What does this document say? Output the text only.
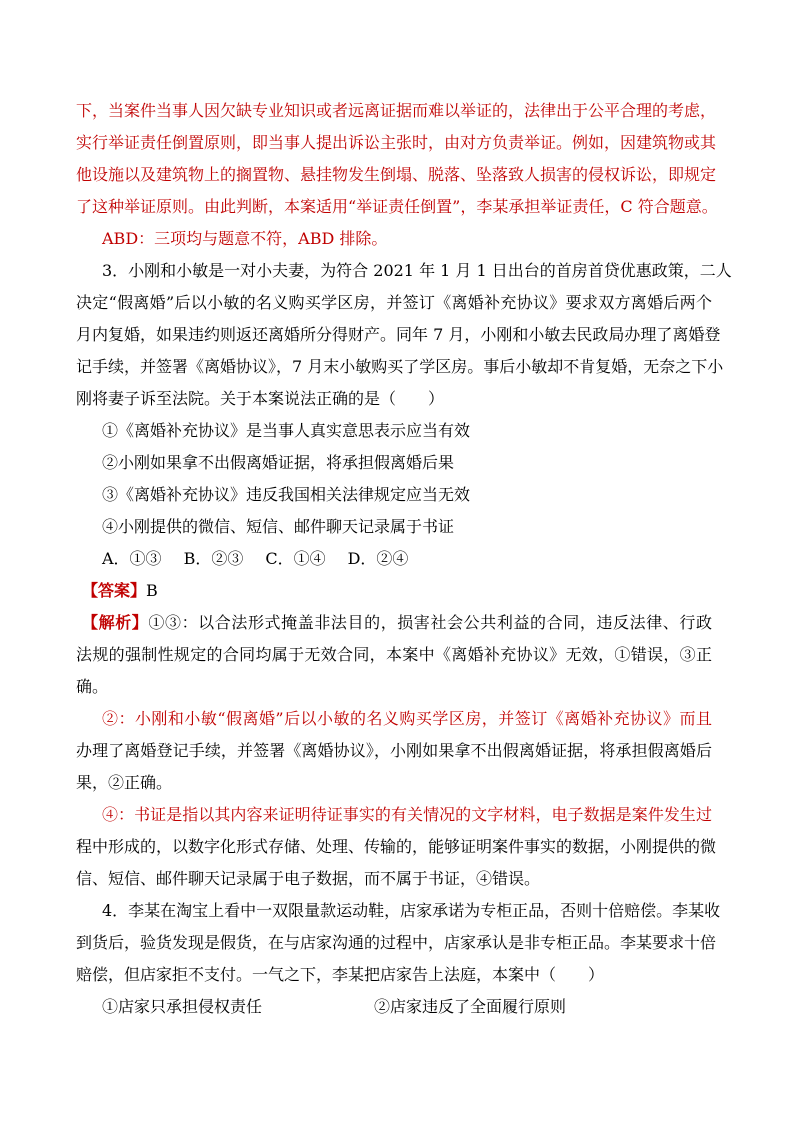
下，当案件当事人因欠缺专业知识或者远离证据而难以举证的，法律出于公平合理的考虑，
实行举证责任倒置原则，即当事人提出诉讼主张时，由对方负责举证。例如，因建筑物或其
他设施以及建筑物上的搁置物、悬挂物发生倒塌、脱落、坠落致人损害的侵权诉讼，即规定
了这种举证原则。由此判断，本案适用“举证责任倒置”，李某承担举证责任，C 符合题意。
ABD：三项均与题意不符，ABD 排除。
3．小刚和小敏是一对小夫妻，为符合 2021 年 1 月 1 日出台的首房首贷优惠政策，二人
决定“假离婚”后以小敏的名义购买学区房，并签订《离婚补充协议》要求双方离婚后两个
月内复婚，如果违约则返还离婚所分得财产。同年 7 月，小刚和小敏去民政局办理了离婚登
记手续，并签署《离婚协议》，7 月末小敏购买了学区房。事后小敏却不肯复婚，无奈之下小
刚将妻子诉至法院。关于本案说法正确的是（　　）
①《离婚补充协议》是当事人真实意思表示应当有效
②小刚如果拿不出假离婚证据，将承担假离婚后果
③《离婚补充协议》违反我国相关法律规定应当无效
④小刚提供的微信、短信、邮件聊天记录属于书证
A．①③ B．②③ C．①④ D．②④
【答案】B
【解析】①③：以合法形式掩盖非法目的，损害社会公共利益的合同，违反法律、行政
法规的强制性规定的合同均属于无效合同，本案中《离婚补充协议》无效，①错误，③正
确。
②：小刚和小敏“假离婚”后以小敏的名义购买学区房，并签订《离婚补充协议》而且
办理了离婚登记手续，并签署《离婚协议》，小刚如果拿不出假离婚证据，将承担假离婚后
果，②正确。
④：书证是指以其内容来证明待证事实的有关情况的文字材料，电子数据是案件发生过
程中形成的，以数字化形式存储、处理、传输的，能够证明案件事实的数据，小刚提供的微
信、短信、邮件聊天记录属于电子数据，而不属于书证，④错误。
4．李某在淘宝上看中一双限量款运动鞋，店家承诺为专柜正品，否则十倍赔偿。李某收
到货后，验货发现是假货，在与店家沟通的过程中，店家承认是非专柜正品。李某要求十倍
赔偿，但店家拒不支付。一气之下，李某把店家告上法庭，本案中（　　）
①店家只承担侵权责任	②店家违反了全面履行原则
